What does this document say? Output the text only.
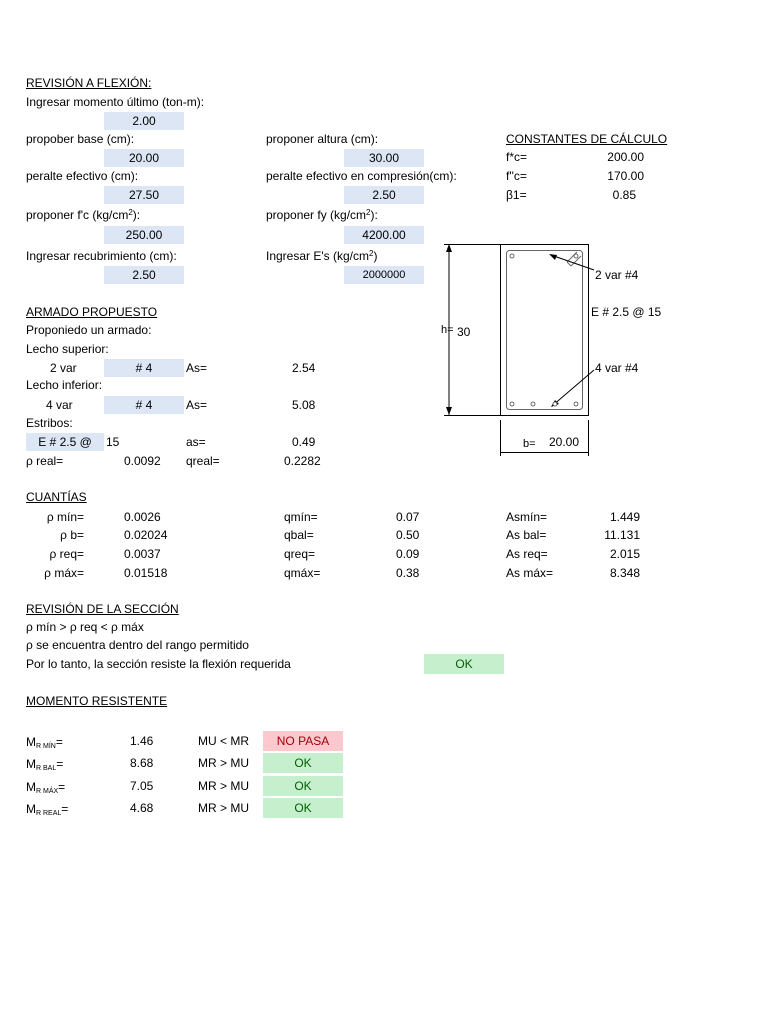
REVISIÓN A FLEXIÓN:
Ingresar momento último (ton-m):
2.00
propober base (cm):
20.00
proponer altura (cm):
30.00
peralte efectivo (cm):
27.50
peralte efectivo en compresión(cm):
2.50
proponer f'c $(kg/cm^2)$:
250.00
proponer fy $(kg/cm^2)$:
4200.00
Ingresar recubrimiento (cm):
2.50
Ingresar E's $(kg/cm^2)$
2000000
CONSTANTES DE CÁLCULO
f*c=	200.00
f''c=	170.00
β1=	0.85
ARMADO PROPUESTO
Proponiedo un armado:
Lecho superior:
2 var	# 4	As=	2.54
Lecho inferior:
4 var	# 4	As=	5.08
Estribos:
E # 2.5 @	15	as=	0.49
ρ real=	0.0092 qreal=	0.2282
h= 30
b= 20.00
2 var #4
E # 2.5 @ 15
4 var #4
CUANTÍAS
ρ mín=	0.0026	qmín=	0.07	Asmín=	1.449
ρ b=	0.02024	qbal=	0.50	As bal=	11.131
ρ req=	0.0037	qreq=	0.09	As req=	2.015
ρ máx=	0.01518	qmáx=	0.38	As máx=	8.348
REVISIÓN DE LA SECCIÓN
ρ mín > ρ req < ρ máx
ρ se encuentra dentro del rango permitido
Por lo tanto, la sección resiste la flexión requerida	OK
MOMENTO RESISTENTE
$M_{R MÍN}=$	1.46	MU < MR	NO PASA
$M_{R BAL}=$	8.68	MR > MU	OK
$M_{R MÁX}=$	7.05	MR > MU	OK
$M_{R REAL}=$	4.68	MR > MU	OK
